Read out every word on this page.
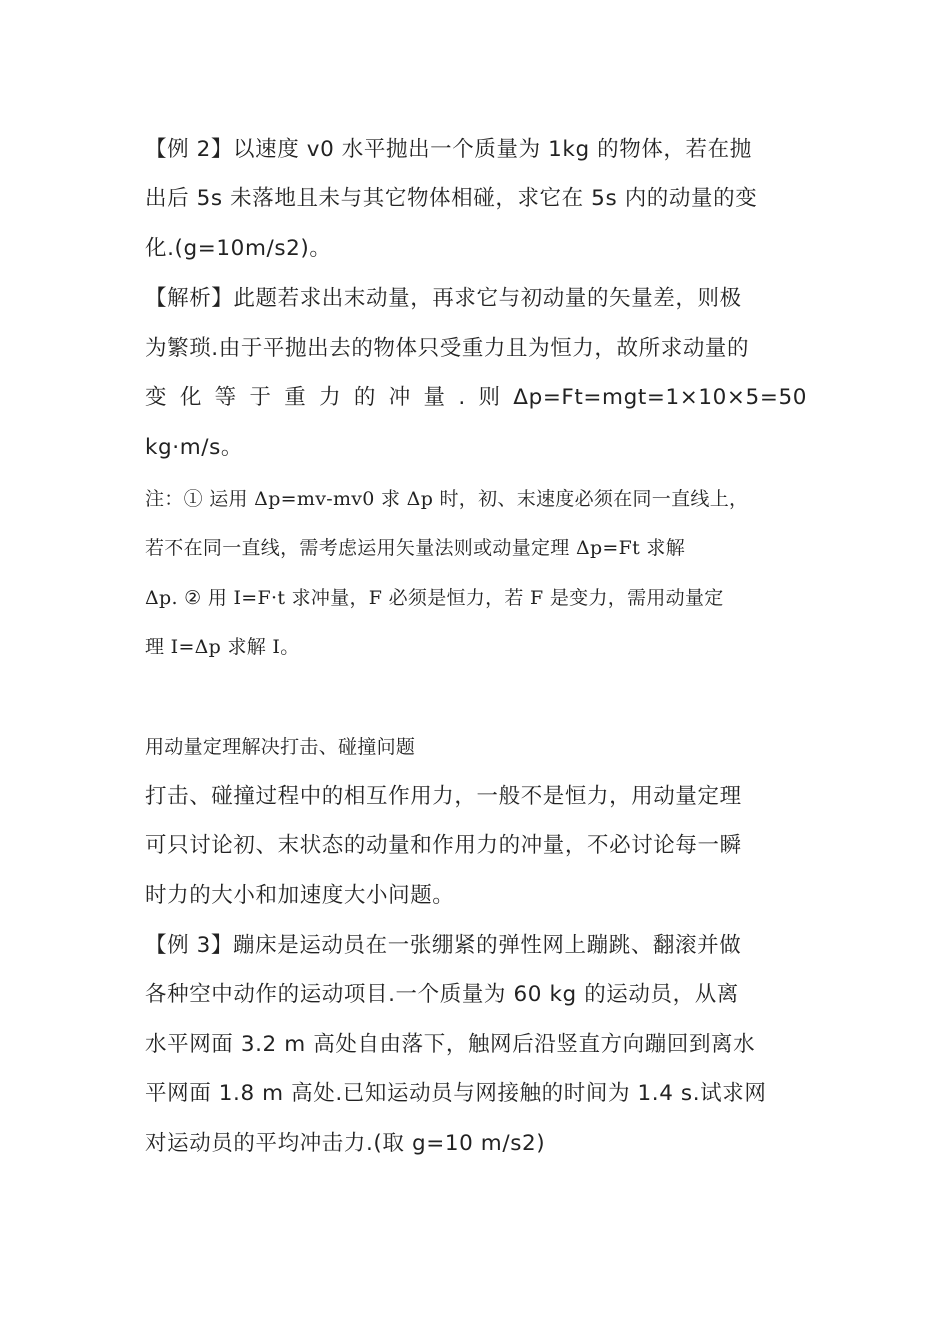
【例 2】以速度 v0 水平抛出一个质量为 1kg 的物体，若在抛
出后 5s 未落地且未与其它物体相碰，求它在 5s 内的动量的变
化.(g=10m/s2)。
【解析】此题若求出末动量，再求它与初动量的矢量差，则极
为繁琐.由于平抛出去的物体只受重力且为恒力，故所求动量的
变 化 等 于 重 力 的 冲 量 . 则 Δp=Ft=mgt=1×10×5=50
kg·m/s。
注：① 运用 Δp=mv-mv0 求 Δp 时，初、末速度必须在同一直线上，
若不在同一直线，需考虑运用矢量法则或动量定理 Δp=Ft 求解
Δp. ② 用 I=F·t 求冲量，F 必须是恒力，若 F 是变力，需用动量定
理 I=Δp 求解 I。
用动量定理解决打击、碰撞问题
打击、碰撞过程中的相互作用力，一般不是恒力，用动量定理
可只讨论初、末状态的动量和作用力的冲量，不必讨论每一瞬
时力的大小和加速度大小问题。
【例 3】蹦床是运动员在一张绷紧的弹性网上蹦跳、翻滚并做
各种空中动作的运动项目.一个质量为 60 kg 的运动员，从离
水平网面 3.2 m 高处自由落下，触网后沿竖直方向蹦回到离水
平网面 1.8 m 高处.已知运动员与网接触的时间为 1.4 s.试求网
对运动员的平均冲击力.(取 g=10 m/s2)
